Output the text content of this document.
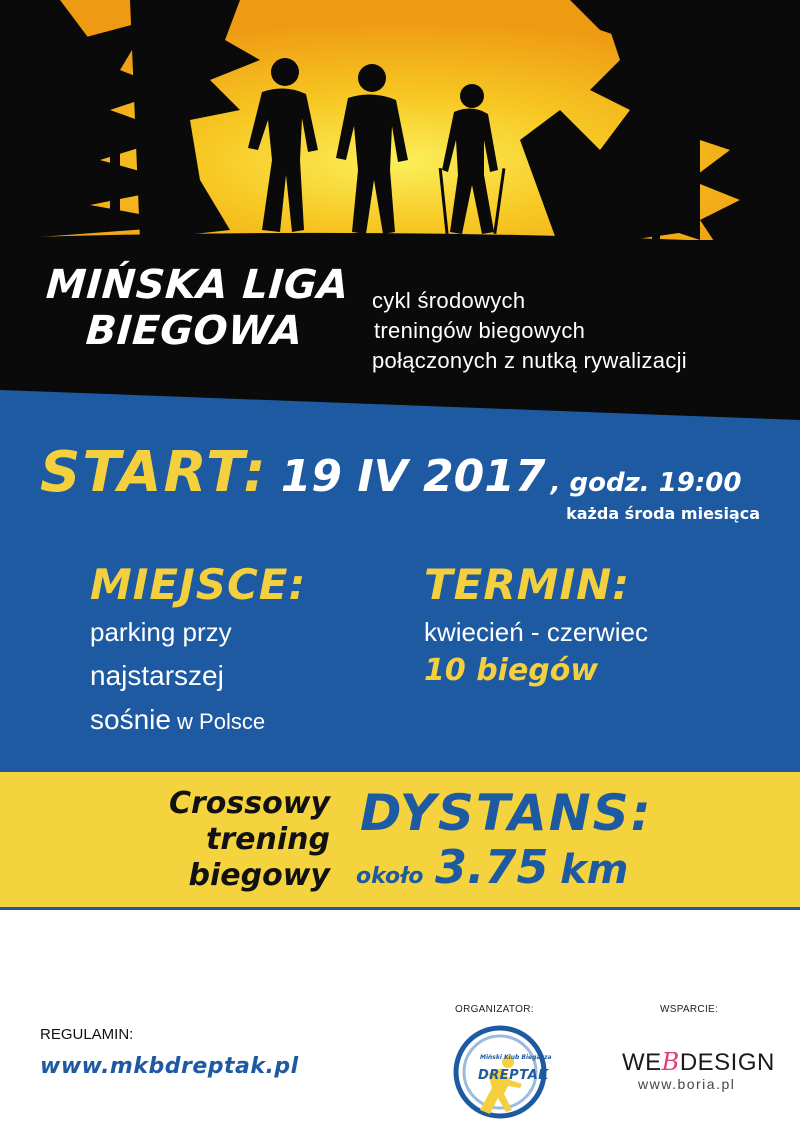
MIŃSKA LIGA
BIEGOWA
cykl środowych
treningów biegowych
połączonych z nutką rywalizacji
START: 19 IV 2017 , godz. 19:00
każda środa miesiąca
MIEJSCE:
parking przy
najstarszej
sośnie w Polsce
TERMIN:
kwiecień - czerwiec
10 biegów
Crossowy
trening
biegowy
DYSTANS:
około 3.75 km
Mile widzani uczestnicy NORDIC WALKING
REGULAMIN:
www.mkbdreptak.pl
ORGANIZATOR:
Miński Klub Biegacza
DREPTAK
WSPARCIE:
WEBDESIGN
www.boria.pl
